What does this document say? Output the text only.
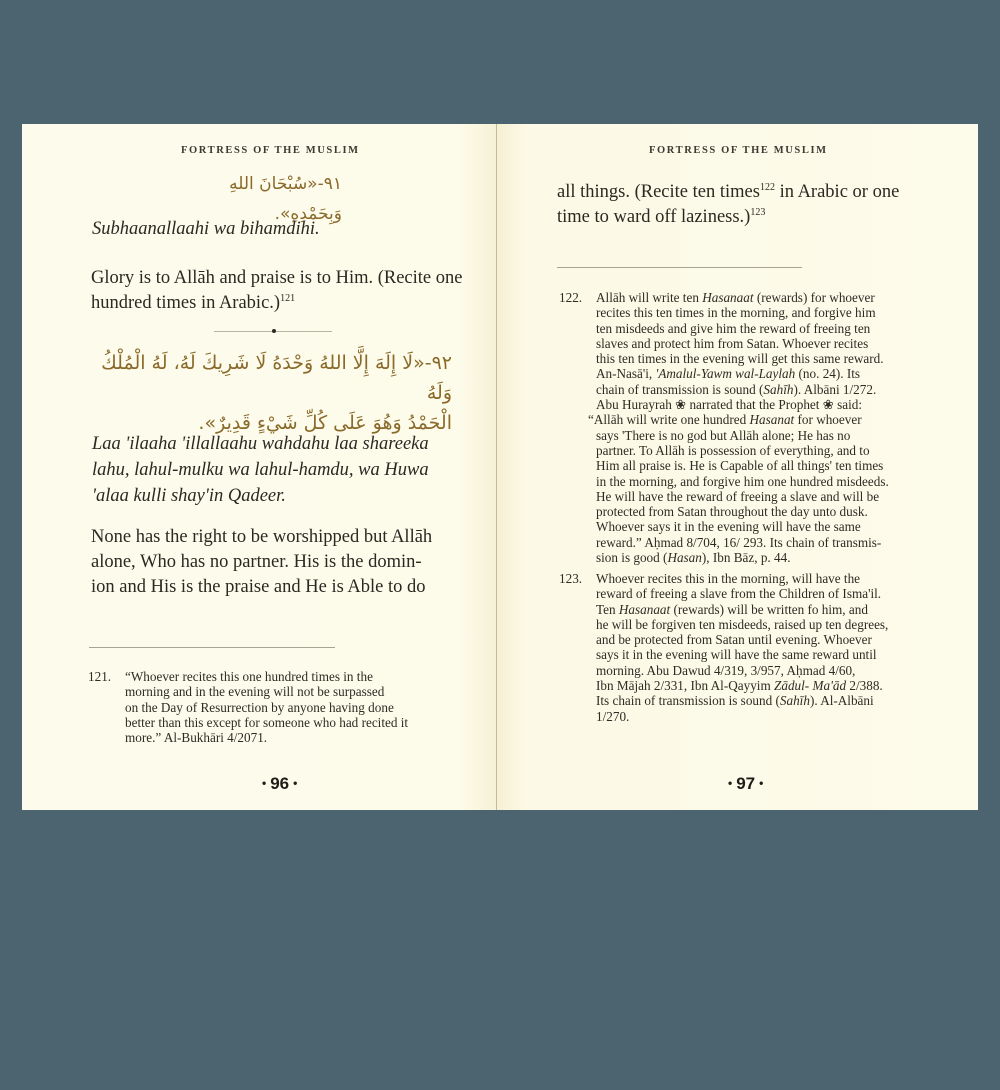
FORTRESS OF THE MUSLIM
٩١-«سُبْحَانَ اللهِ وَبِحَمْدِهِ».
Subhaanallaahi wa bihamdihi.
Glory is to Allāh and praise is to Him. (Recite one hundred times in Arabic.)$^{121}$
٩٢-«لَا إِلَهَ إِلَّا اللهُ وَحْدَهُ لَا شَرِيكَ لَهُ، لَهُ الْمُلْكُ وَلَهُ
الْحَمْدُ وَهُوَ عَلَى كُلِّ شَيْءٍ قَدِيرٌ».
Laa 'ilaaha 'illallaahu wahdahu laa shareeka
lahu, lahul-mulku wa lahul-hamdu, wa Huwa
'alaa kulli shay'in Qadeer.
None has the right to be worshipped but Allāh
alone, Who has no partner. His is the domin-
ion and His is the praise and He is Able to do
121. “Whoever recites this one hundred times in the
morning and in the evening will not be surpassed
on the Day of Resurrection by anyone having done
better than this except for someone who had recited it
more.” Al-Bukhāri 4/2071.
• 96 •
FORTRESS OF THE MUSLIM
all things. (Recite ten times$^{122}$ in Arabic or one
time to ward off laziness.)$^{123}$
122. Allāh will write ten Hasanaat (rewards) for whoever
recites this ten times in the morning, and forgive him
ten misdeeds and give him the reward of freeing ten
slaves and protect him from Satan. Whoever recites
this ten times in the evening will get this same reward.
An-Nasā'i, 'Amalul-Yawm wal-Laylah (no. 24). Its
chain of transmission is sound (Sahīh). Albāni 1/272.
Abu Hurayrah ❀ narrated that the Prophet ❀ said:
“Allāh will write one hundred Hasanat for whoever
says 'There is no god but Allāh alone; He has no
partner. To Allāh is possession of everything, and to
Him all praise is. He is Capable of all things' ten times
in the morning, and forgive him one hundred misdeeds.
He will have the reward of freeing a slave and will be
protected from Satan throughout the day unto dusk.
Whoever says it in the evening will have the same
reward.” Aḥmad 8/704, 16/ 293. Its chain of transmis-
sion is good (Hasan), Ibn Bāz, p. 44.
123. Whoever recites this in the morning, will have the
reward of freeing a slave from the Children of Isma'il.
Ten Hasanaat (rewards) will be written fo him, and
he will be forgiven ten misdeeds, raised up ten degrees,
and be protected from Satan until evening. Whoever
says it in the evening will have the same reward until
morning. Abu Dawud 4/319, 3/957, Aḥmad 4/60,
Ibn Mājah 2/331, Ibn Al-Qayyim Zādul- Ma'ād 2/388.
Its chain of transmission is sound (Sahīh). Al-Albāni
1/270.
• 97 •
